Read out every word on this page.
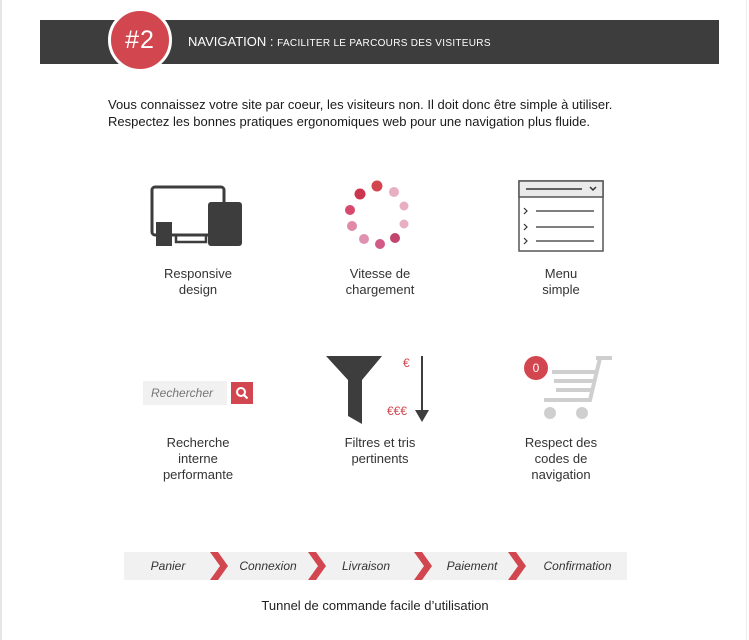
#2	NAVIGATION : FACILITER LE PARCOURS DES VISITEURS

Vous connaissez votre site par coeur, les visiteurs non. Il doit donc être simple à utiliser.

Respectez les bonnes pratiques ergonomiques web pour une navigation plus fluide.

Responsive
design
Vitesse de
chargement
Menu
simple
Rechercher
Recherche
interne
performante
€
€€€
Filtres et tris
pertinents
0
Respect des
codes de
navigation
Panier	Connexion	Livraison	Paiement	Confirmation
Tunnel de commande facile d’utilisation
